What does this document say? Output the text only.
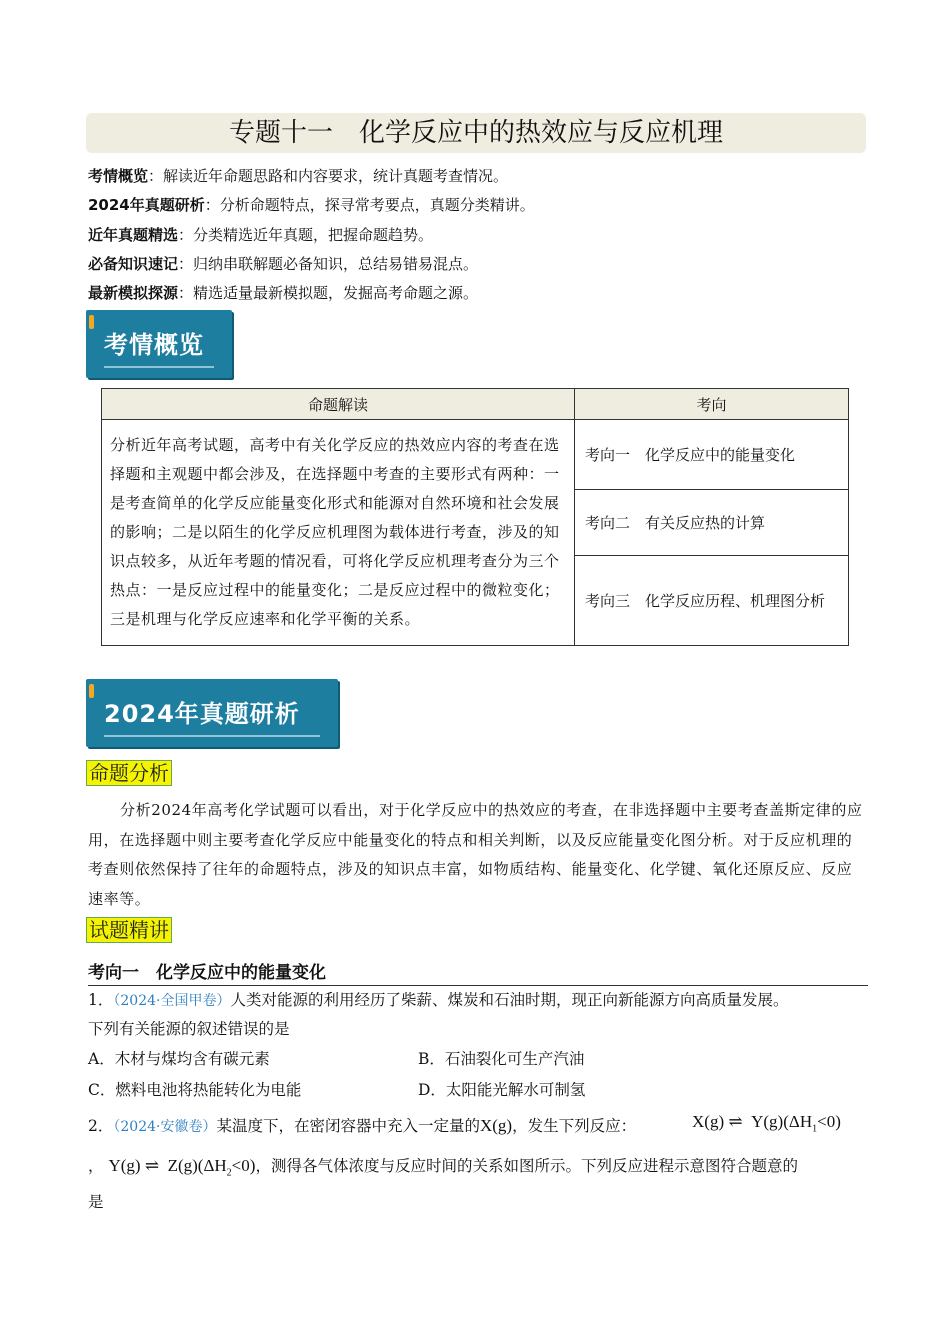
专题十一　化学反应中的热效应与反应机理
考情概览：解读近年命题思路和内容要求，统计真题考查情况。
2024年真题研析：分析命题特点，探寻常考要点，真题分类精讲。
近年真题精选：分类精选近年真题，把握命题趋势。
必备知识速记：归纳串联解题必备知识，总结易错易混点。
最新模拟探源：精选适量最新模拟题，发掘高考命题之源。
考情概览
命题解读	考向
分析近年高考试题，高考中有关化学反应的热效应内容的考查在选择题和主观题中都会涉及，在选择题中考查的主要形式有两种：一是考查简单的化学反应能量变化形式和能源对自然环境和社会发展的影响；二是以陌生的化学反应机理图为载体进行考查，涉及的知识点较多，从近年考题的情况看，可将化学反应机理考查分为三个热点：一是反应过程中的能量变化；二是反应过程中的微粒变化；三是机理与化学反应速率和化学平衡的关系。	考向一　化学反应中的能量变化
	考向二　有关反应热的计算
	考向三　化学反应历程、机理图分析
2024年真题研析
命题分析
分析2024年高考化学试题可以看出，对于化学反应中的热效应的考查，在非选择题中主要考查盖斯定律的应用，在选择题中则主要考查化学反应中能量变化的特点和相关判断，以及反应能量变化图分析。对于反应机理的考查则依然保持了往年的命题特点，涉及的知识点丰富，如物质结构、能量变化、化学键、氧化还原反应、反应速率等。
试题精讲
考向一　化学反应中的能量变化
1．（2024·全国甲卷）人类对能源的利用经历了柴薪、煤炭和石油时期，现正向新能源方向高质量发展。
下列有关能源的叙述错误的是
A．木材与煤均含有碳元素	B．石油裂化可生产汽油
C．燃料电池将热能转化为电能	D．太阳能光解水可制氢
2．（2024·安徽卷）某温度下，在密闭容器中充入一定量的X(g)，发生下列反应：	X(g) ⇌ $Y(g)(\Delta H_1<0)$
， Y(g) ⇌ $Z(g)(\Delta H_2<0)$，测得各气体浓度与反应时间的关系如图所示。下列反应进程示意图符合题意的
是
